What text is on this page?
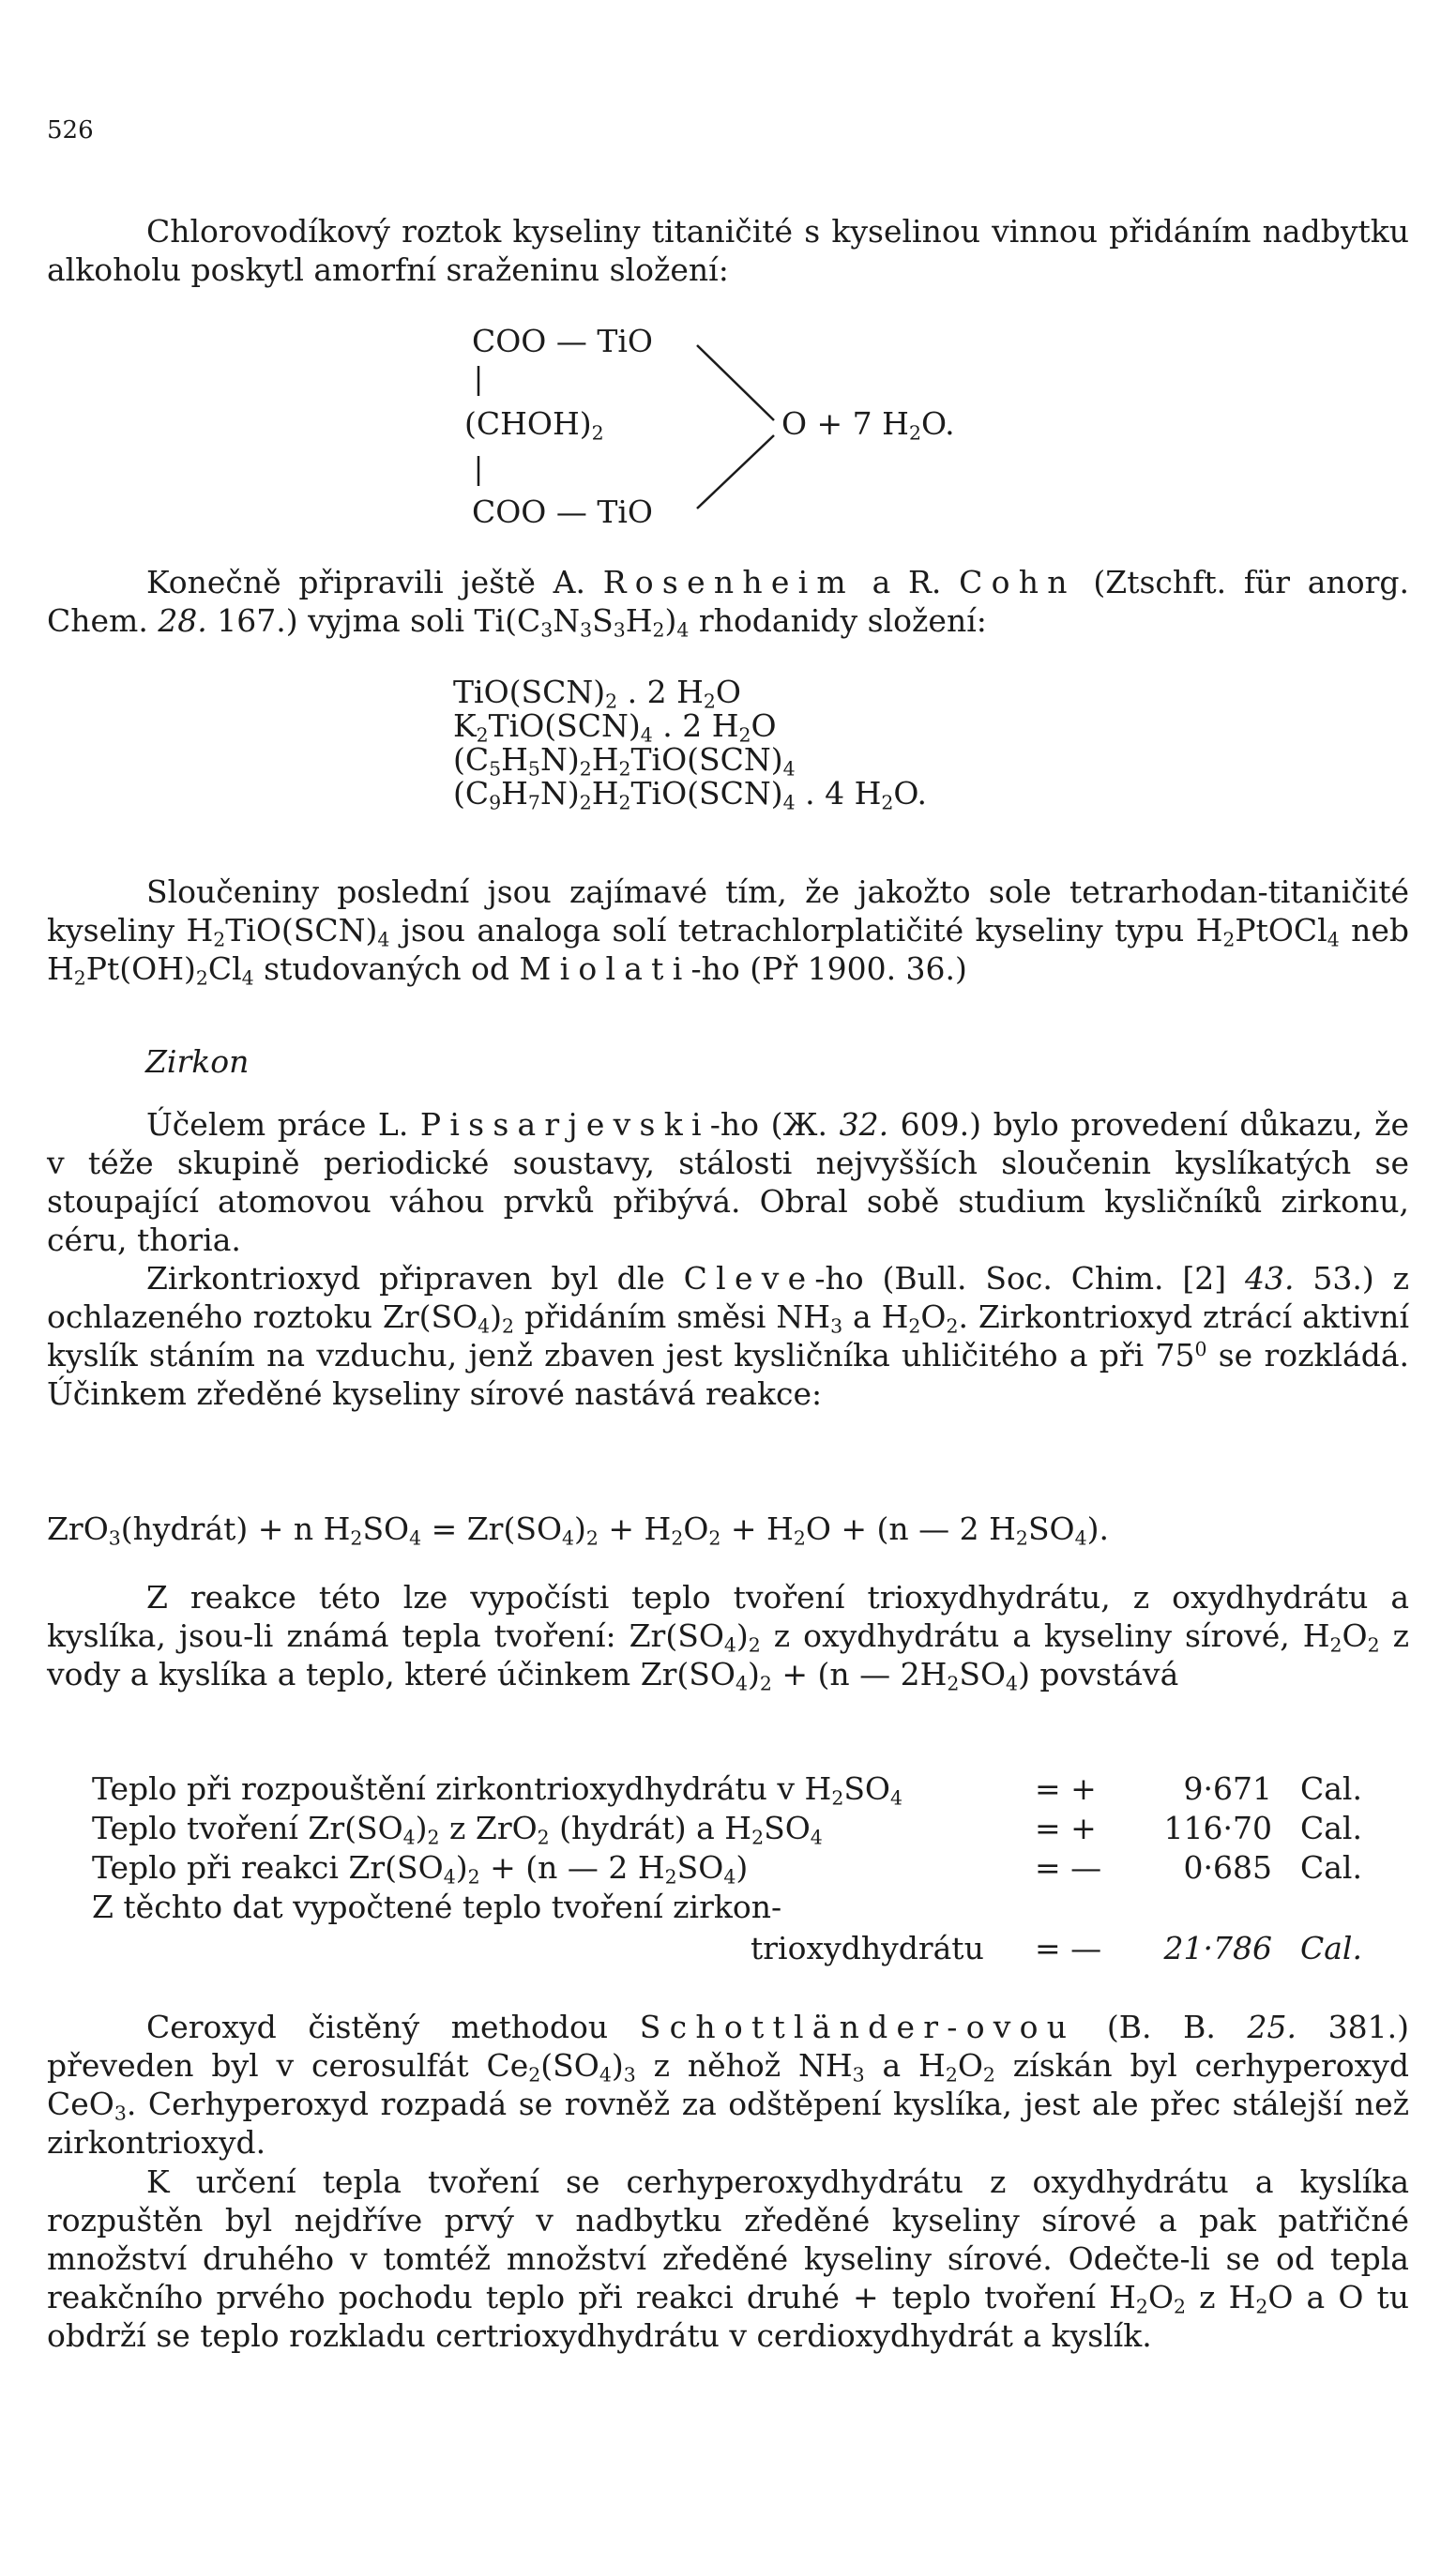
526

Chlorovodíkový roztok kyseliny titaničité s kyselinou vinnou přidáním nadbytku alkoholu poskytl amorfní sraženinu složení:

COO — TiO
$(CHOH)_2$
COO — TiO
O + 7 $H_2O$.

Konečně připravili ještě A. Rosenheim a R. Cohn (Ztschft. für anorg. Chem. 28. 167.) vyjma soli $Ti(C_3N_3S_3H_2)_4$ rhodanidy složení:

$TiO(SCN)_2$ . 2 $H_2O$
$K_2TiO(SCN)_4$ . 2 $H_2O$
$(C_5H_5N)_2H_2TiO(SCN)_4$
$(C_9H_7N)_2H_2TiO(SCN)_4$ . 4 $H_2O$.

Sloučeniny poslední jsou zajímavé tím, že jakožto sole tetrarhodan-titaničité kyseliny $H_2TiO(SCN)_4$ jsou analoga solí tetrachlorplatičité kyseliny typu $H_2PtOCl_4$ neb $H_2Pt(OH)_2Cl_4$ studovaných od Miolati-ho (Př 1900. 36.)

Zirkon

Účelem práce L. Pissarjevski-ho (Ж. 32. 609.) bylo provedení důkazu, že v téže skupině periodické soustavy, stálosti nejvyšších sloučenin kyslíkatých se stoupající atomovou váhou prvků přibývá. Obral sobě studium kysličníků zirkonu, céru, thoria.

Zirkontrioxyd připraven byl dle Cleve-ho (Bull. Soc. Chim. [2] 43. 53.) z ochlazeného roztoku $Zr(SO_4)_2$ přidáním směsi $NH_3$ a $H_2O_2$. Zirkontrioxyd ztrácí aktivní kyslík stáním na vzduchu, jenž zbaven jest kysličníka uhličitého a při $75^0$ se rozkládá. Účinkem zředěné kyseliny sírové nastává reakce:

ZrO$_3$(hydrát) + n $H_2SO_4 = Zr(SO_4)_2 + H_2O_2 + H_2O + (n$ — 2 $H_2SO_4$).

Z reakce této lze vypočísti teplo tvoření trioxydhydrátu, z oxydhydrátu a kyslíka, jsou-li známá tepla tvoření: $Zr(SO_4)_2$ z oxydhydrátu a kyseliny sírové, $H_2O_2$ z vody a kyslíka a teplo, které účinkem $Zr(SO_4)_2 + (n$ — $2H_2SO_4$) povstává

Teplo při rozpouštění zirkontrioxydhydrátu v $H_2SO_4$	= +	9·671 Cal.
Teplo tvoření $Zr(SO_4)_2$ z ZrO$_2$ (hydrát) a $H_2SO_4$	= +	116·70 Cal.
Teplo při reakci $Zr(SO_4)_2 + (n$ — 2 $H_2SO_4$)	= —	0·685 Cal.
Z těchto dat vypočtené teplo tvoření zirkon-
trioxydhydrátu = —	21·786 Cal.

Ceroxyd čistěný methodou Schottländer-ovou (B. B. 25. 381.) převeden byl v cerosulfát $Ce_2(SO_4)_3$ z něhož $NH_3$ a $H_2O_2$ získán byl cerhyperoxyd CeO$_3$. Cerhyperoxyd rozpadá se rovněž za odštěpení kyslíka, jest ale přec stálejší než zirkontrioxyd.

K určení tepla tvoření se cerhyperoxydhydrátu z oxydhydrátu a kyslíka rozpuštěn byl nejdříve prvý v nadbytku zředěné kyseliny sírové a pak patřičné množství druhého v tomtéž množství zředěné kyseliny sírové. Odečte-li se od tepla reakčního prvého pochodu teplo při reakci druhé + teplo tvoření $H_2O_2$ z $H_2O$ a O tu obdrží se teplo rozkladu certrioxydhydrátu v cerdioxydhydrát a kyslík.
